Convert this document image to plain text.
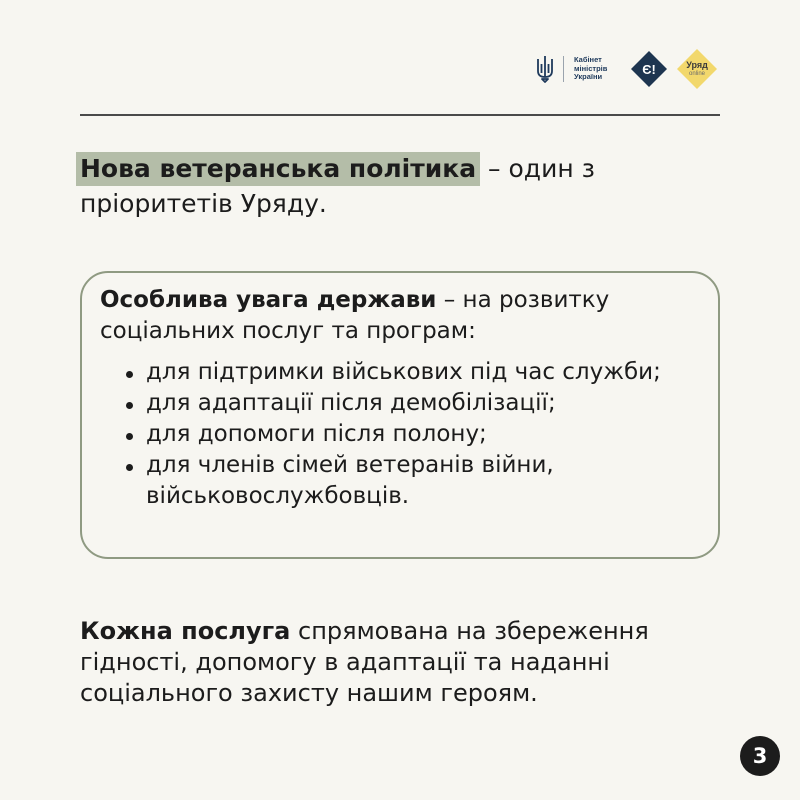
Кабінет
міністрів
України	Є!	Уряд
online
Нова ветеранська політика – один з пріоритетів Уряду.
Особлива увага держави – на розвитку соціальних послуг та програм:
для підтримки військових під час служби;
для адаптації після демобілізації;
для допомоги після полону;
для членів сімей ветеранів війни, військовослужбовців.
Кожна послуга спрямована на збереження гідності, допомогу в адаптації та наданні соціального захисту нашим героям.
3
